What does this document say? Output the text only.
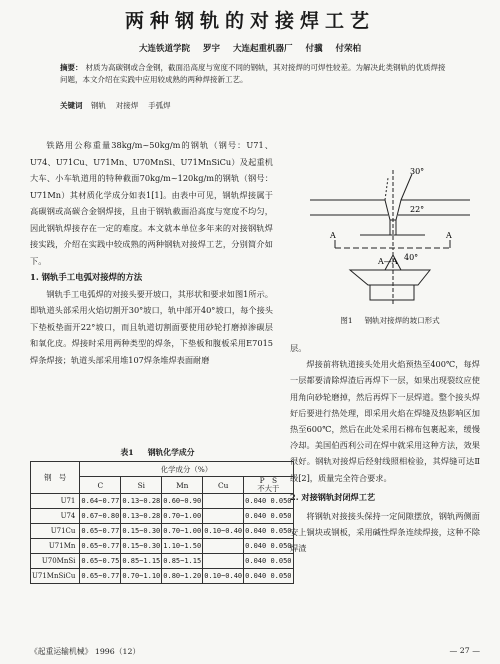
两种钢轨的对接焊工艺
大连铁道学院 罗宇 大连起重机器厂 付骥 付荣柏
摘要： 材质为高碳钢或合金钢，截面沿高度与宽度不同的钢轨，其对接焊的可焊性较差。为解决此类钢轨的优质焊接问题，本文介绍在实践中应用较成熟的两种焊接新工艺。
关键词 钢轨　 对接焊　 手弧焊

铁路用公称重量38kg/m~50kg/m的钢轨（钢号：U71、U74、U71Cu、U71Mn、U70MnSi、U71MnSiCu）及起重机大车、小车轨道用的特种截面70kg/m~120kg/m的钢轨（钢号：U71Mn）其材质化学成分如表1[1]。由表中可见，钢轨焊接属于高碳钢或高碳合金钢焊接，且由于钢轨截面沿高度与宽度不均匀，因此钢轨焊接存在一定的难度。本文就本单位多年来的对接钢轨焊接实践，介绍在实践中较成熟的两种钢轨对接焊工艺，分别简介如下。

1. 钢轨手工电弧对接焊的方法

钢轨手工电弧焊的对接头要开坡口，其形状和要求如图1所示。即轨道头部采用火焰切割开30°坡口，轨中部开40°坡口，每个接头下垫板垫面开22°坡口，而且轨道切割面要使用砂轮打磨掉渗碳层和氧化皮。焊接时采用两种类型的焊条，下垫板和腹板采用E7015焊条焊接；轨道头部采用堆107焊条堆焊表面耐磨

30°
22°
40°
A	A
A—A
图1 钢轨对接焊的坡口形式

层。

焊接前将轨道接头处用火焰预热至400℃，每焊一层都要清除焊渣后再焊下一层，如果出现裂纹应使用角向砂轮磨掉，然后再焊下一层焊道。整个接头焊好后要进行热处理，即采用火焰在焊缝及热影响区加热至600℃，然后在此处采用石棉布包裹起来，缓慢冷却。美国伯西利公司在焊中就采用这种方法，效果很好。钢轨对接焊后经射线照相检验，其焊缝可达Ⅱ级[2]，质量完全符合要求。

2. 对接钢轨封闭焊工艺

将钢轨对接接头保持一定间隙摆放，钢轨两侧面安上铜块或钢板，采用碱性焊条连续焊接，这种不除焊渣

表1 钢轨化学成分
钢　号	化学成分（%）				
	C	Si	Mn	Cu	P　 S
不大于
U71	0.64~0.77	0.13~0.28	0.60~0.90		0.040 0.050
U74	0.67~0.80	0.13~0.28	0.70~1.00		0.040 0.050
U71Cu	0.65~0.77	0.15~0.30	0.70~1.00	0.10~0.40	0.040 0.050
U71Mn	0.65~0.77	0.15~0.30	1.10~1.50		0.040 0.050
U70MnSi	0.65~0.75	0.85~1.15	0.85~1.15		0.040 0.050
U71MnSiCu	0.65~0.77	0.70~1.10	0.80~1.20	0.10~0.40	0.040 0.050
《起重运输机械》 1996（12）	— 27 —
